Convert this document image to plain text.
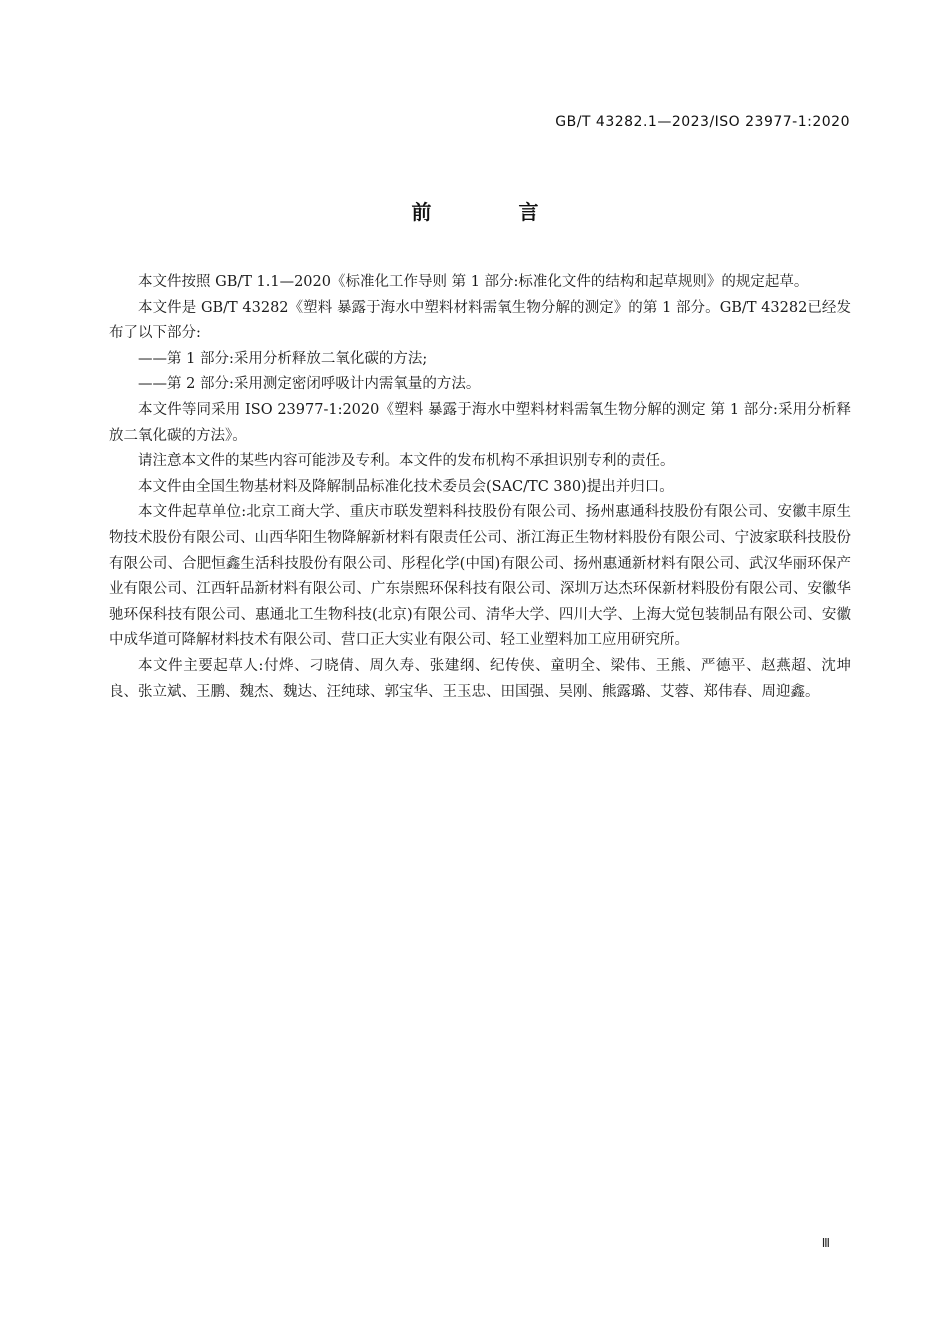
GB/T 43282.1—2023/ISO 23977-1:2020
前 言

本文件按照 GB/T 1.1—2020《标准化工作导则 第 1 部分:标准化文件的结构和起草规则》的规定起草。

本文件是 GB/T 43282《塑料 暴露于海水中塑料材料需氧生物分解的测定》的第 1 部分。GB/T 43282已经发布了以下部分:

——第 1 部分:采用分析释放二氧化碳的方法;

——第 2 部分:采用测定密闭呼吸计内需氧量的方法。

本文件等同采用 ISO 23977-1:2020《塑料 暴露于海水中塑料材料需氧生物分解的测定 第 1 部分:采用分析释放二氧化碳的方法》。

请注意本文件的某些内容可能涉及专利。本文件的发布机构不承担识别专利的责任。

本文件由全国生物基材料及降解制品标准化技术委员会(SAC/TC 380)提出并归口。

本文件起草单位:北京工商大学、重庆市联发塑料科技股份有限公司、扬州惠通科技股份有限公司、安徽丰原生物技术股份有限公司、山西华阳生物降解新材料有限责任公司、浙江海正生物材料股份有限公司、宁波家联科技股份有限公司、合肥恒鑫生活科技股份有限公司、彤程化学(中国)有限公司、扬州惠通新材料有限公司、武汉华丽环保产业有限公司、江西轩品新材料有限公司、广东崇熙环保科技有限公司、深圳万达杰环保新材料股份有限公司、安徽华驰环保科技有限公司、惠通北工生物科技(北京)有限公司、清华大学、四川大学、上海大觉包装制品有限公司、安徽中成华道可降解材料技术有限公司、营口正大实业有限公司、轻工业塑料加工应用研究所。

本文件主要起草人:付烨、刁晓倩、周久寿、张建纲、纪传侠、童明全、梁伟、王熊、严德平、赵燕超、沈坤良、张立斌、王鹏、魏杰、魏达、汪纯球、郭宝华、王玉忠、田国强、吴刚、熊露璐、艾蓉、郑伟春、周迎鑫。

Ⅲ
